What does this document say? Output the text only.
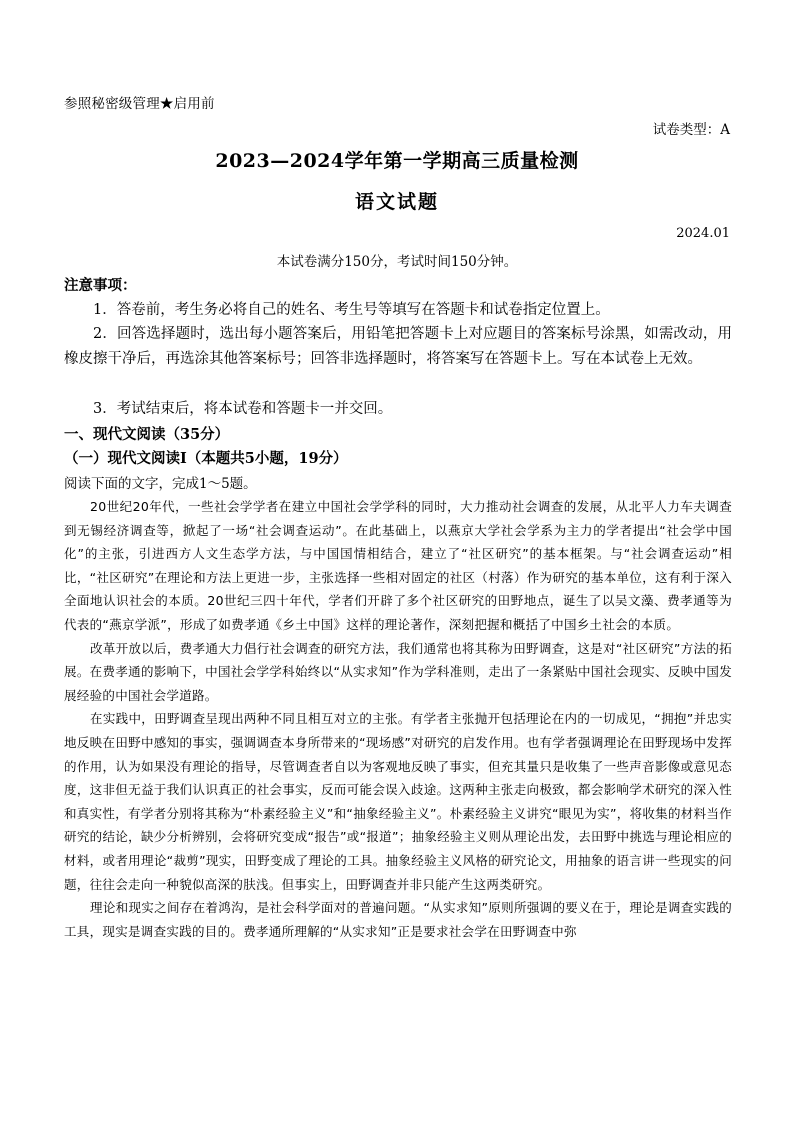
参照秘密级管理★启用前
试卷类型：A
2023—2024学年第一学期高三质量检测
语文试题
2024.01
本试卷满分150分，考试时间150分钟。
注意事项：
1．答卷前，考生务必将自己的姓名、考生号等填写在答题卡和试卷指定位置上。
2．回答选择题时，选出每小题答案后，用铅笔把答题卡上对应题目的答案标号涂黑，如需改动，用橡皮擦干净后，再选涂其他答案标号；回答非选择题时，将答案写在答题卡上。写在本试卷上无效。
3．考试结束后，将本试卷和答题卡一并交回。
一、现代文阅读（35分）
（一）现代文阅读Ⅰ（本题共5小题，19分）
阅读下面的文字，完成1～5题。

20世纪20年代，一些社会学学者在建立中国社会学学科的同时，大力推动社会调查的发展，从北平人力车夫调查到无锡经济调查等，掀起了一场“社会调查运动”。在此基础上，以燕京大学社会学系为主力的学者提出“社会学中国化”的主张，引进西方人文生态学方法，与中国国情相结合，建立了“社区研究”的基本框架。与“社会调查运动”相比，“社区研究”在理论和方法上更进一步，主张选择一些相对固定的社区（村落）作为研究的基本单位，这有利于深入全面地认识社会的本质。20世纪三四十年代，学者们开辟了多个社区研究的田野地点，诞生了以吴文藻、费孝通等为代表的“燕京学派”，形成了如费孝通《乡土中国》这样的理论著作，深刻把握和概括了中国乡土社会的本质。

改革开放以后，费孝通大力倡行社会调查的研究方法，我们通常也将其称为田野调查，这是对“社区研究”方法的拓展。在费孝通的影响下，中国社会学学科始终以“从实求知”作为学科准则，走出了一条紧贴中国社会现实、反映中国发展经验的中国社会学道路。

在实践中，田野调查呈现出两种不同且相互对立的主张。有学者主张抛开包括理论在内的一切成见，“拥抱”并忠实地反映在田野中感知的事实，强调调查本身所带来的“现场感”对研究的启发作用。也有学者强调理论在田野现场中发挥的作用，认为如果没有理论的指导，尽管调查者自以为客观地反映了事实，但充其量只是收集了一些声音影像或意见态度，这非但无益于我们认识真正的社会事实，反而可能会误入歧途。这两种主张走向极致，都会影响学术研究的深入性和真实性，有学者分别将其称为“朴素经验主义”和“抽象经验主义”。朴素经验主义讲究“眼见为实”，将收集的材料当作研究的结论，缺少分析辨别，会将研究变成“报告”或“报道”；抽象经验主义则从理论出发，去田野中挑选与理论相应的材料，或者用理论“裁剪”现实，田野变成了理论的工具。抽象经验主义风格的研究论文，用抽象的语言讲一些现实的问题，往往会走向一种貌似高深的肤浅。但事实上，田野调查并非只能产生这两类研究。

理论和现实之间存在着鸿沟，是社会科学面对的普遍问题。“从实求知”原则所强调的要义在于，理论是调查实践的工具，现实是调查实践的目的。费孝通所理解的“从实求知”正是要求社会学在田野调查中弥
